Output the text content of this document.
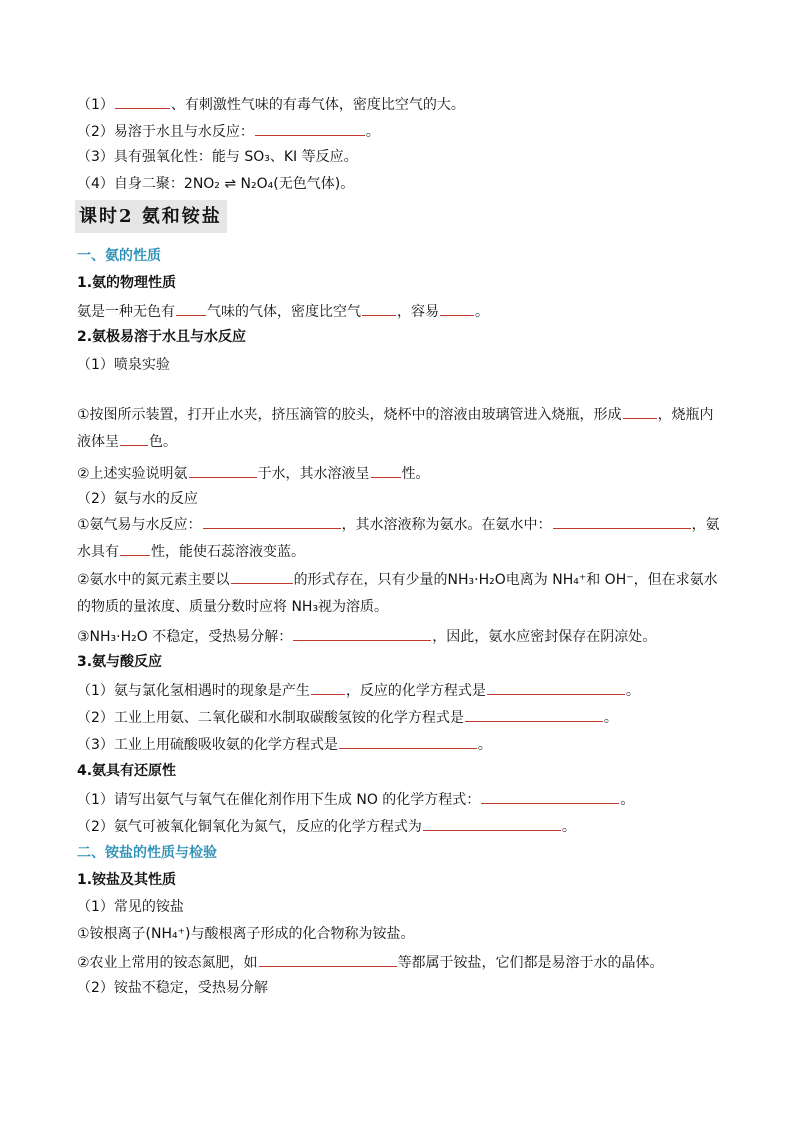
（1）	、有刺激性气味的有毒气体，密度比空气的大。
（2）易溶于水且与水反应：	。
（3）具有强氧化性：能与 SO₃、KI 等反应。
（4）自身二聚：2NO₂ ⇌ N₂O₄(无色气体)。
课时2 氨和铵盐
一、氨的性质
1.氨的物理性质
氨是一种无色有 气味的气体，密度比空气	，容易	。
2.氨极易溶于水且与水反应
（1）喷泉实验
①按图所示装置，打开止水夹，挤压滴管的胶头，烧杯中的溶液由玻璃管进入烧瓶，形成	，烧瓶内液体呈 色。
②上述实验说明氨	于水，其水溶液呈 性。
（2）氨与水的反应
①氨气易与水反应：	，其水溶液称为氨水。在氨水中：	，氨水具有 性，能使石蕊溶液变蓝。
②氨水中的氮元素主要以	的形式存在，只有少量的NH₃·H₂O电离为 NH₄⁺和 OH⁻，但在求氨水的物质的量浓度、质量分数时应将 NH₃视为溶质。
③NH₃·H₂O 不稳定，受热易分解：	，因此，氨水应密封保存在阴凉处。
3.氨与酸反应
（1）氨与氯化氢相遇时的现象是产生	，反应的化学方程式是	。
（2）工业上用氨、二氧化碳和水制取碳酸氢铵的化学方程式是	。
（3）工业上用硫酸吸收氨的化学方程式是	。
4.氨具有还原性
（1）请写出氨气与氧气在催化剂作用下生成 NO 的化学方程式：	。
（2）氨气可被氧化铜氧化为氮气，反应的化学方程式为	。
二、铵盐的性质与检验
1.铵盐及其性质
（1）常见的铵盐
①铵根离子(NH₄⁺)与酸根离子形成的化合物称为铵盐。
②农业上常用的铵态氮肥，如	等都属于铵盐，它们都是易溶于水的晶体。
（2）铵盐不稳定，受热易分解
